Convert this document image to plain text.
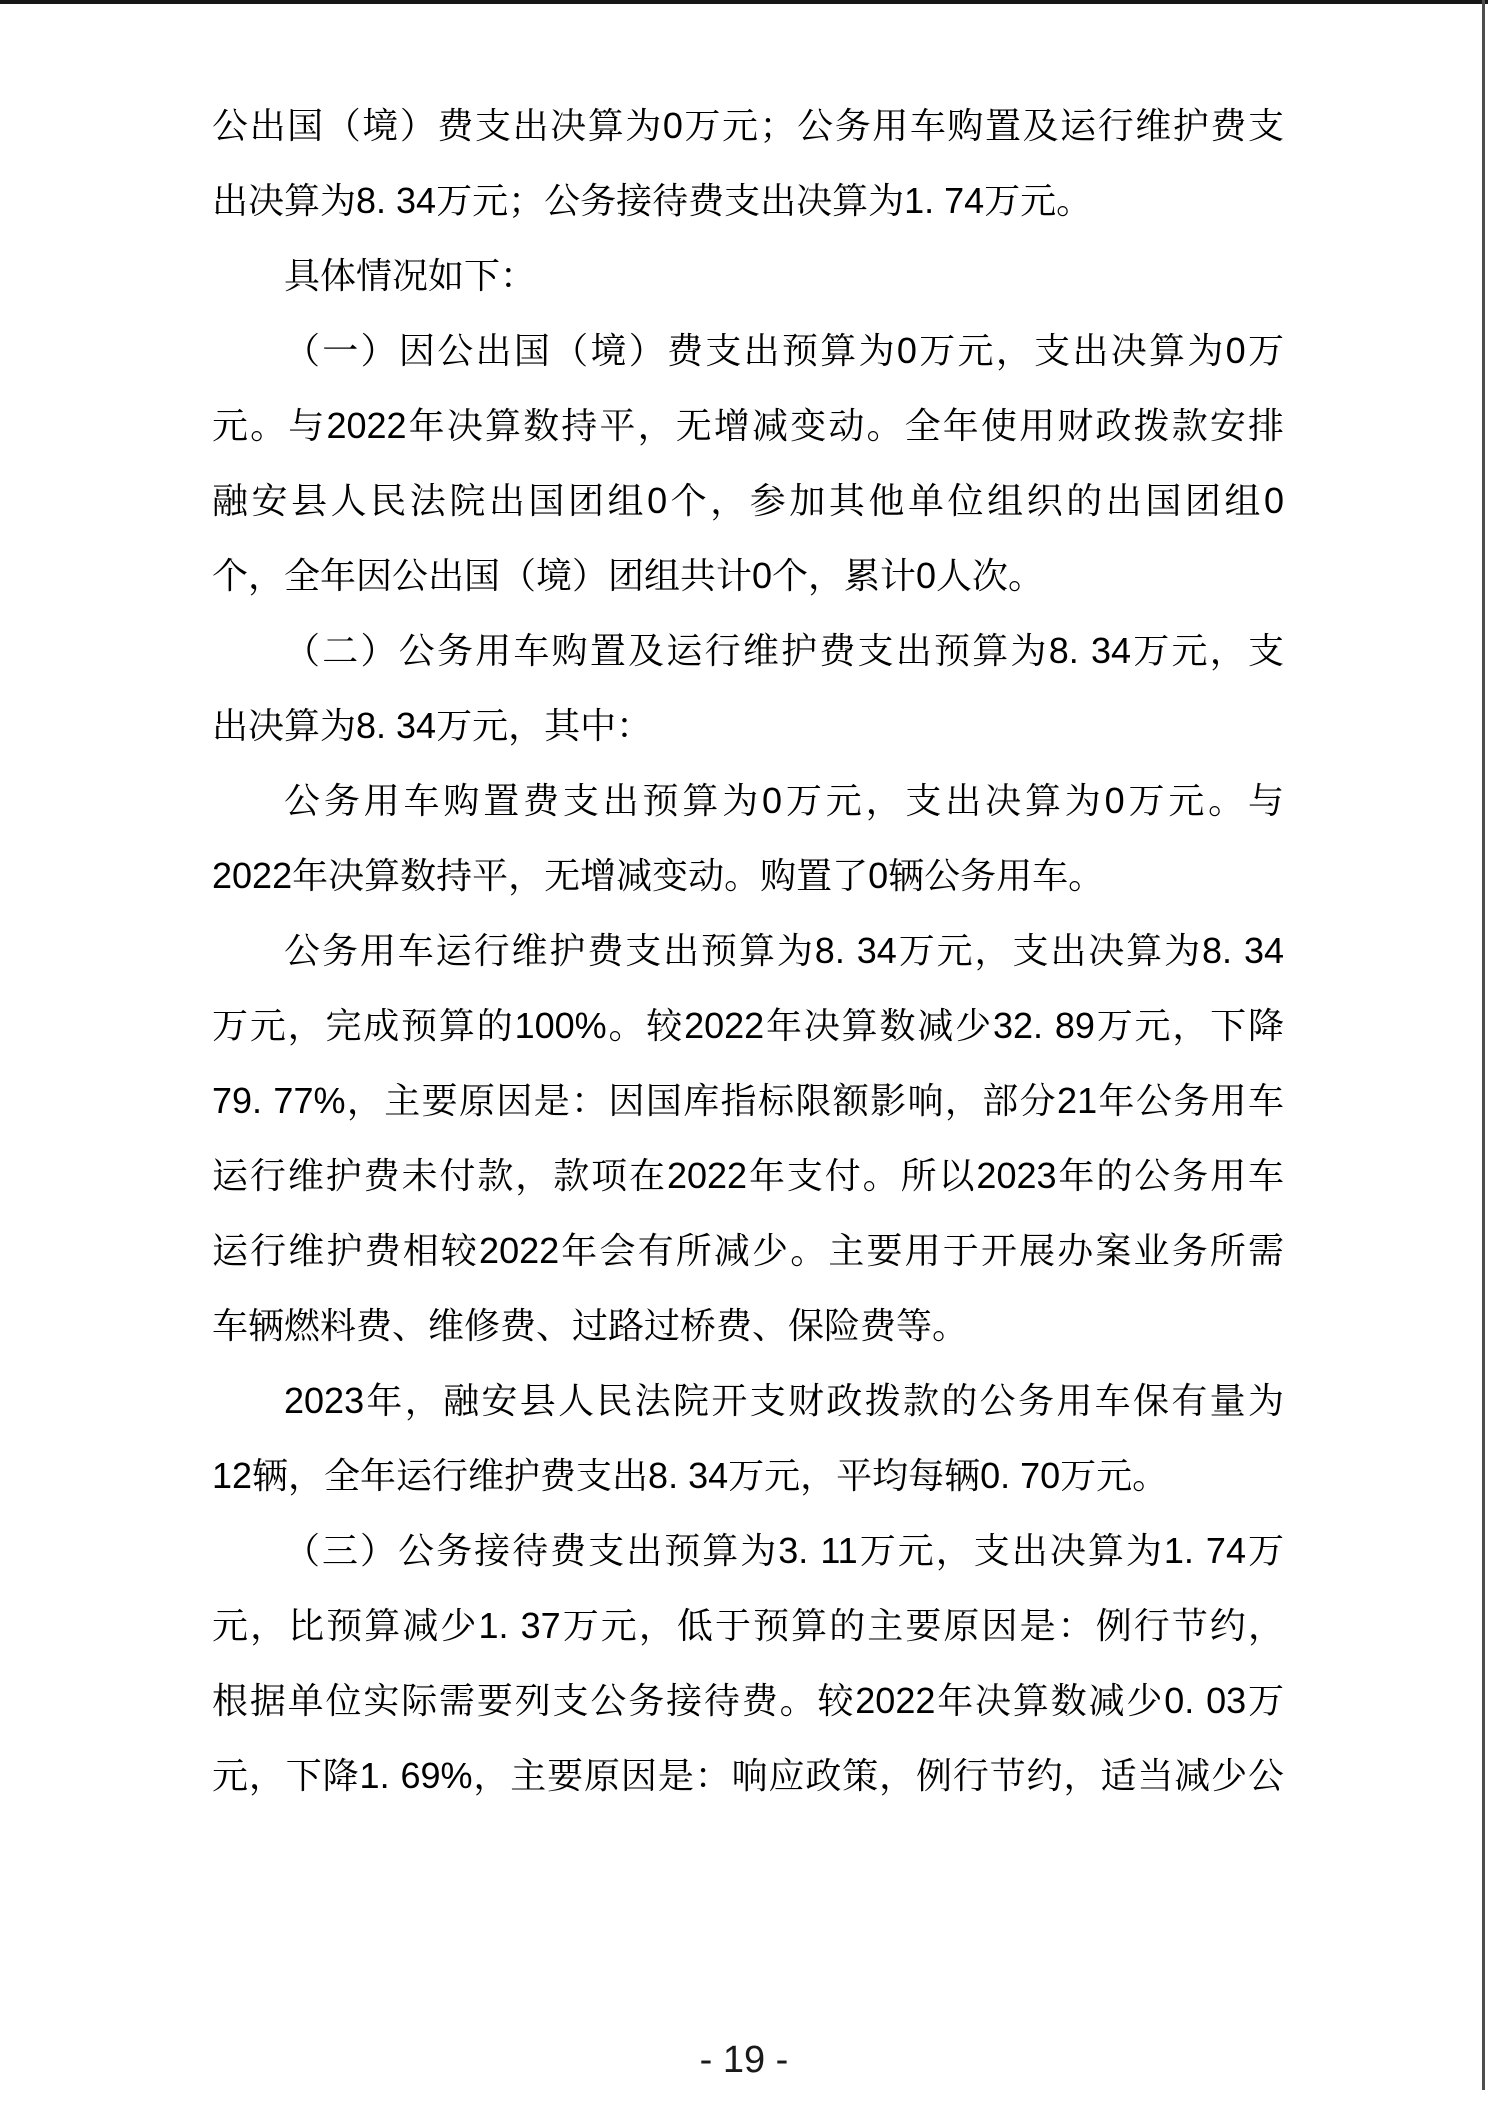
公出国（境）费支出决算为0万元；公务用车购置及运行维护费支
出决算为8. 34万元；公务接待费支出决算为1. 74万元。
具体情况如下：
（一）因公出国（境）费支出预算为0万元，支出决算为0万
元。与2022年决算数持平，无增减变动。全年使用财政拨款安排
融安县人民法院出国团组0个，参加其他单位组织的出国团组0
个，全年因公出国（境）团组共计0个，累计0人次。
（二）公务用车购置及运行维护费支出预算为8. 34万元，支
出决算为8. 34万元，其中：
公务用车购置费支出预算为0万元，支出决算为0万元。与
2022年决算数持平，无增减变动。购置了0辆公务用车。
公务用车运行维护费支出预算为8. 34万元，支出决算为8. 34
万元，完成预算的100%。较2022年决算数减少32. 89万元，下降
79. 77%，主要原因是：因国库指标限额影响，部分21年公务用车
运行维护费未付款，款项在2022年支付。所以2023年的公务用车
运行维护费相较2022年会有所减少。主要用于开展办案业务所需
车辆燃料费、维修费、过路过桥费、保险费等。
2023年，融安县人民法院开支财政拨款的公务用车保有量为
12辆，全年运行维护费支出8. 34万元，平均每辆0. 70万元。
（三）公务接待费支出预算为3. 11万元，支出决算为1. 74万
元，比预算减少1. 37万元，低于预算的主要原因是：例行节约，
根据单位实际需要列支公务接待费。较2022年决算数减少0. 03万
元，下降1. 69%，主要原因是：响应政策，例行节约，适当减少公
- 19 -
